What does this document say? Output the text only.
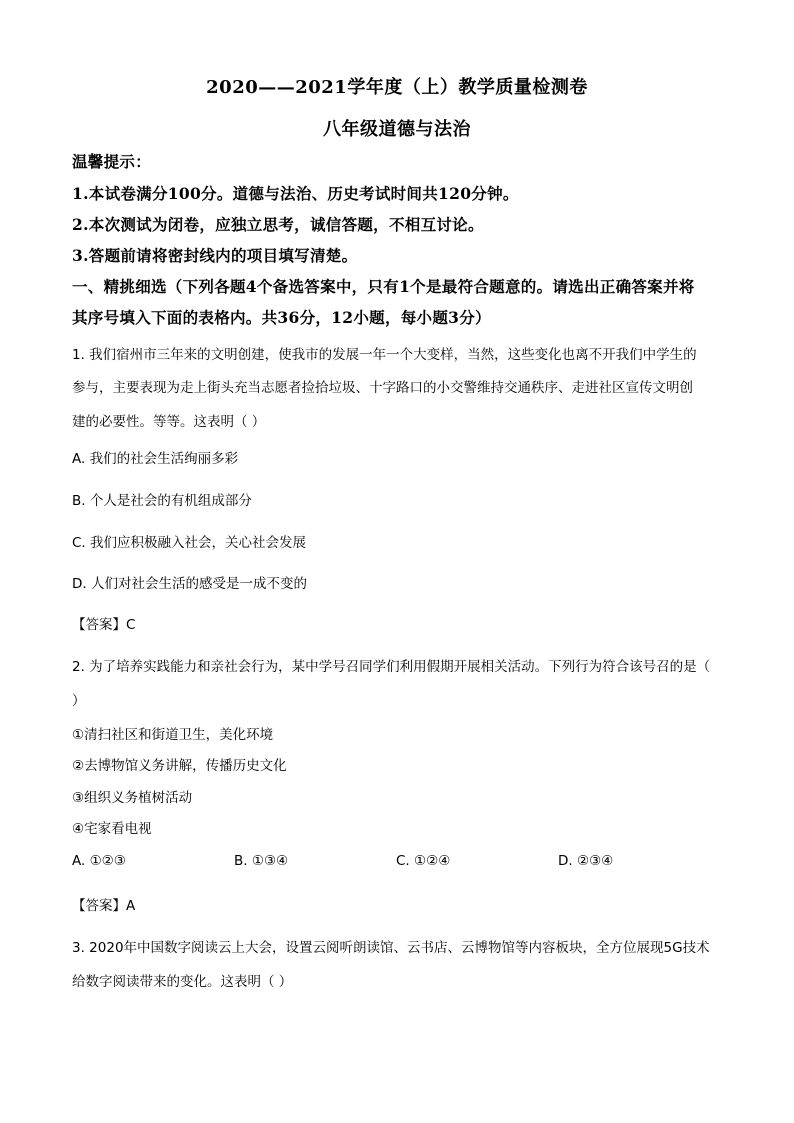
2020——2021学年度（上）教学质量检测卷
八年级道德与法治
温馨提示：
1.本试卷满分100分。道德与法治、历史考试时间共120分钟。
2.本次测试为闭卷，应独立思考，诚信答题，不相互讨论。
3.答题前请将密封线内的项目填写清楚。
一、精挑细选（下列各题4个备选答案中，只有1个是最符合题意的。请选出正确答案并将
其序号填入下面的表格内。共36分，12小题，每小题3分）
1. 我们宿州市三年来的文明创建，使我市的发展一年一个大变样，当然，这些变化也离不开我们中学生的
参与，主要表现为走上街头充当志愿者捡拾垃圾、十字路口的小交警维持交通秩序、走进社区宣传文明创
建的必要性。等等。这表明（ ）
A. 我们的社会生活绚丽多彩
B. 个人是社会的有机组成部分
C. 我们应积极融入社会，关心社会发展
D. 人们对社会生活的感受是一成不变的
【答案】C
2. 为了培养实践能力和亲社会行为，某中学号召同学们利用假期开展相关活动。下列行为符合该号召的是（
）
①清扫社区和街道卫生，美化环境
②去博物馆义务讲解，传播历史文化
③组织义务植树活动
④宅家看电视
A. ①②③	B. ①③④	C. ①②④	D. ②③④
【答案】A
3. 2020年中国数字阅读云上大会，设置云阅听朗读馆、云书店、云博物馆等内容板块，全方位展现5G技术
给数字阅读带来的变化。这表明（ ）
